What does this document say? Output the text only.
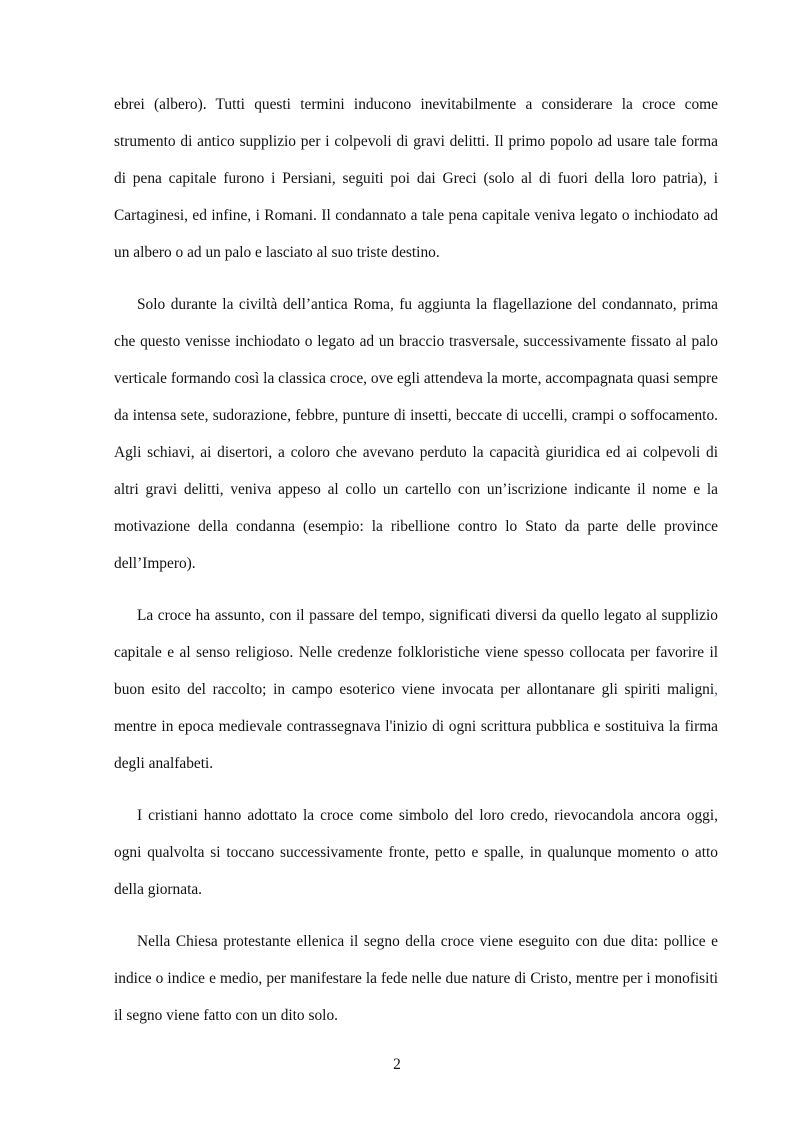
ebrei (albero). Tutti questi termini inducono inevitabilmente a considerare la croce come strumento di antico supplizio per i colpevoli di gravi delitti. Il primo popolo ad usare tale forma di pena capitale furono i Persiani, seguiti poi dai Greci (solo al di fuori della loro patria), i Cartaginesi, ed infine, i Romani. Il condannato a tale pena capitale veniva legato o inchiodato ad un albero o ad un palo e lasciato al suo triste destino.

Solo durante la civiltà dell’antica Roma, fu aggiunta la flagellazione del condannato, prima che questo venisse inchiodato o legato ad un braccio trasversale, successivamente fissato al palo verticale formando così la classica croce, ove egli attendeva la morte, accompagnata quasi sempre da intensa sete, sudorazione, febbre, punture di insetti, beccate di uccelli, crampi o soffocamento. Agli schiavi, ai disertori, a coloro che avevano perduto la capacità giuridica ed ai colpevoli di altri gravi delitti, veniva appeso al collo un cartello con un’iscrizione indicante il nome e la motivazione della condanna (esempio: la ribellione contro lo Stato da parte delle province dell’Impero).

La croce ha assunto, con il passare del tempo, significati diversi da quello legato al supplizio capitale e al senso religioso. Nelle credenze folkloristiche viene spesso collocata per favorire il buon esito del raccolto; in campo esoterico viene invocata per allontanare gli spiriti maligni, mentre in epoca medievale contrassegnava l'inizio di ogni scrittura pubblica e sostituiva la firma degli analfabeti.

I cristiani hanno adottato la croce come simbolo del loro credo, rievocandola ancora oggi, ogni qualvolta si toccano successivamente fronte, petto e spalle, in qualunque momento o atto della giornata.

Nella Chiesa protestante ellenica il segno della croce viene eseguito con due dita: pollice e indice o indice e medio, per manifestare la fede nelle due nature di Cristo, mentre per i monofisiti il segno viene fatto con un dito solo.

2
